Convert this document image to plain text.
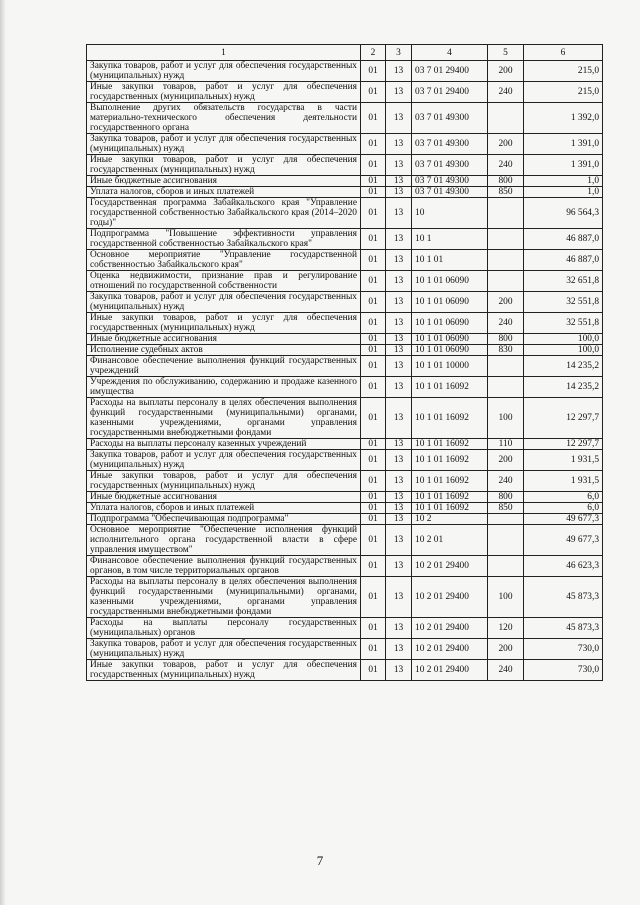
1	2	3	4	5	6
Закупка товаров, работ и услуг для обеспечения государственных (муниципальных) нужд	01	13	03 7 01 29400	200	215,0
Иные закупки товаров, работ и услуг для обеспечения государственных (муниципальных) нужд	01	13	03 7 01 29400	240	215,0
Выполнение других обязательств государства в части материально-технического обеспечения деятельности государственного органа	01	13	03 7 01 49300		1 392,0
Закупка товаров, работ и услуг для обеспечения государственных (муниципальных) нужд	01	13	03 7 01 49300	200	1 391,0
Иные закупки товаров, работ и услуг для обеспечения государственных (муниципальных) нужд	01	13	03 7 01 49300	240	1 391,0
Иные бюджетные ассигнования	01	13	03 7 01 49300	800	1,0
Уплата налогов, сборов и иных платежей	01	13	03 7 01 49300	850	1,0
Государственная программа Забайкальского края "Управление государственной собственностью Забайкальского края (2014–2020 годы)"	01	13	10		96 564,3
Подпрограмма "Повышение эффективности управления государственной собственностью Забайкальского края"	01	13	10 1		46 887,0
Основное мероприятие "Управление государственной собственностью Забайкальского края"	01	13	10 1 01		46 887,0
Оценка недвижимости, признание прав и регулирование отношений по государственной собственности	01	13	10 1 01 06090		32 651,8
Закупка товаров, работ и услуг для обеспечения государственных (муниципальных) нужд	01	13	10 1 01 06090	200	32 551,8
Иные закупки товаров, работ и услуг для обеспечения государственных (муниципальных) нужд	01	13	10 1 01 06090	240	32 551,8
Иные бюджетные ассигнования	01	13	10 1 01 06090	800	100,0
Исполнение судебных актов	01	13	10 1 01 06090	830	100,0
Финансовое обеспечение выполнения функций государственных учреждений	01	13	10 1 01 10000		14 235,2
Учреждения по обслуживанию, содержанию и продаже казенного имущества	01	13	10 1 01 16092		14 235,2
Расходы на выплаты персоналу в целях обеспечения выполнения функций государственными (муниципальными) органами, казенными учреждениями, органами управления государственными внебюджетными фондами	01	13	10 1 01 16092	100	12 297,7
Расходы на выплаты персоналу казенных учреждений	01	13	10 1 01 16092	110	12 297,7
Закупка товаров, работ и услуг для обеспечения государственных (муниципальных) нужд	01	13	10 1 01 16092	200	1 931,5
Иные закупки товаров, работ и услуг для обеспечения государственных (муниципальных) нужд	01	13	10 1 01 16092	240	1 931,5
Иные бюджетные ассигнования	01	13	10 1 01 16092	800	6,0
Уплата налогов, сборов и иных платежей	01	13	10 1 01 16092	850	6,0
Подпрограмма "Обеспечивающая подпрограмма"	01	13	10 2		49 677,3
Основное мероприятие "Обеспечение исполнения функций исполнительного органа государственной власти в сфере управления имуществом"	01	13	10 2 01		49 677,3
Финансовое обеспечение выполнения функций государственных органов, в том числе территориальных органов	01	13	10 2 01 29400		46 623,3
Расходы на выплаты персоналу в целях обеспечения выполнения функций государственными (муниципальными) органами, казенными учреждениями, органами управления государственными внебюджетными фондами	01	13	10 2 01 29400	100	45 873,3
Расходы на выплаты персоналу государственных (муниципальных) органов	01	13	10 2 01 29400	120	45 873,3
Закупка товаров, работ и услуг для обеспечения государственных (муниципальных) нужд	01	13	10 2 01 29400	200	730,0
Иные закупки товаров, работ и услуг для обеспечения государственных (муниципальных) нужд	01	13	10 2 01 29400	240	730,0
7
